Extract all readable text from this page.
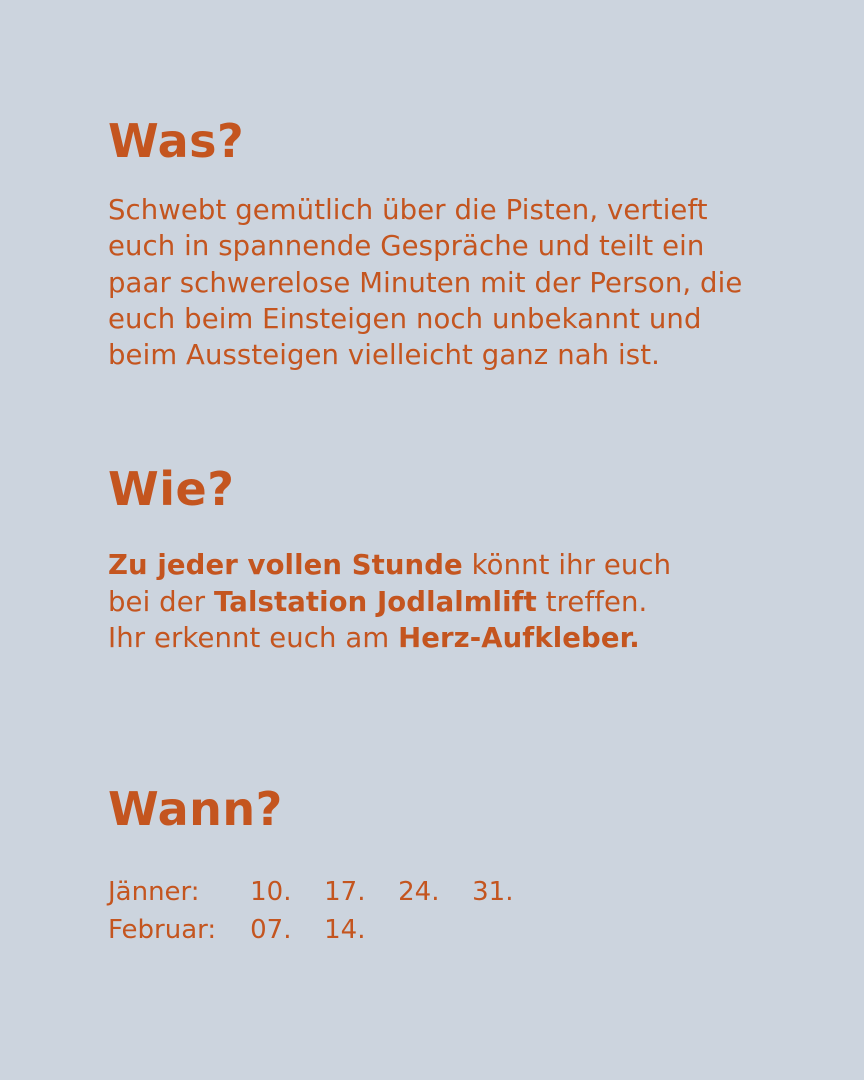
Was?

Schwebt gemütlich über die Pisten, vertieft euch in spannende Gespräche und teilt ein paar schwerelose Minuten mit der Person, die euch beim Einsteigen noch unbekannt und beim Aussteigen vielleicht ganz nah ist.

Wie?

Zu jeder vollen Stunde könnt ihr euch
bei der Talstation Jodlalmlift treffen.
Ihr erkennt euch am Herz-Aufkleber.

Wann?
Jänner:	10.	17.	24.	31.
Februar:	07.	14.		
